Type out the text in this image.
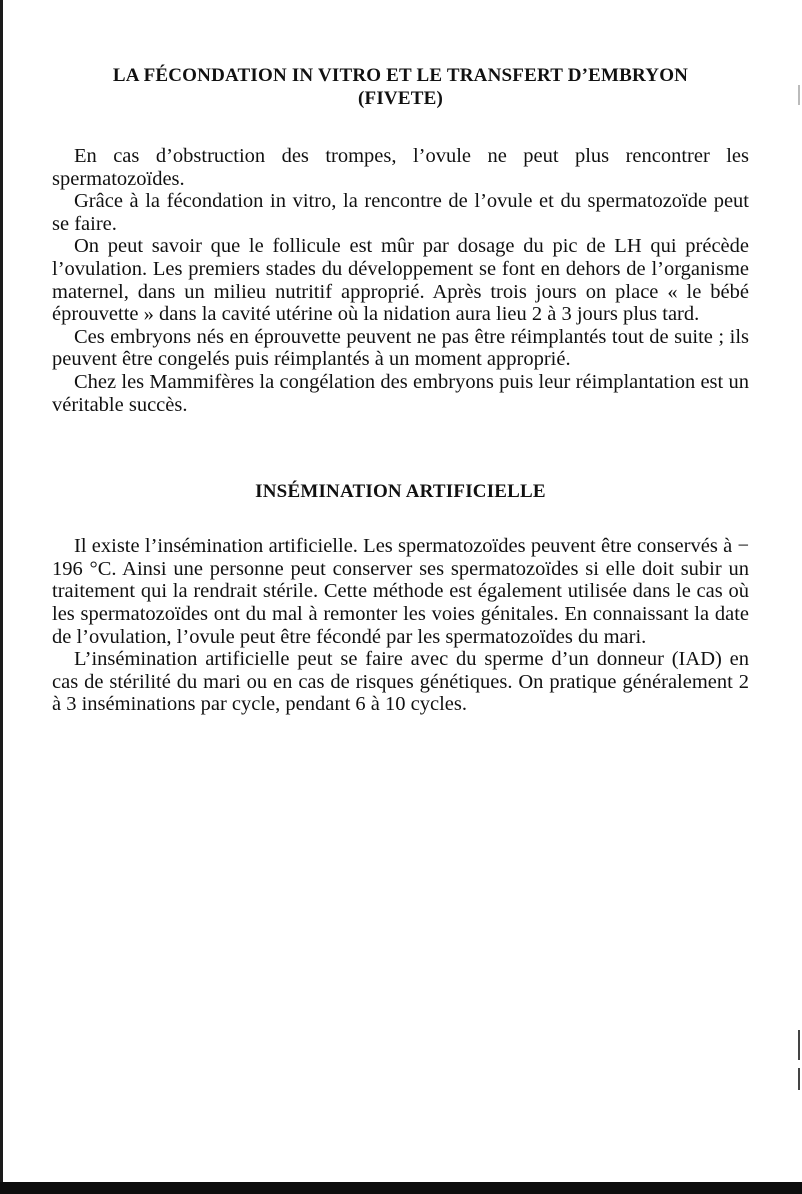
LA FÉCONDATION IN VITRO ET LE TRANSFERT D’EMBRYON
(FIVETE)

En cas d’obstruction des trompes, l’ovule ne peut plus rencontrer les spermatozoïdes.

Grâce à la fécondation in vitro, la rencontre de l’ovule et du spermatozoïde peut se faire.

On peut savoir que le follicule est mûr par dosage du pic de LH qui précède l’ovulation. Les premiers stades du développement se font en dehors de l’organisme maternel, dans un milieu nutritif approprié. Après trois jours on place « le bébé éprouvette » dans la cavité utérine où la nidation aura lieu 2 à 3 jours plus tard.

Ces embryons nés en éprouvette peuvent ne pas être réimplantés tout de suite ; ils peuvent être congelés puis réimplantés à un moment approprié.

Chez les Mammifères la congélation des embryons puis leur réimplantation est un véritable succès.

INSÉMINATION ARTIFICIELLE

Il existe l’insémination artificielle. Les spermatozoïdes peuvent être conservés à − 196 °C. Ainsi une personne peut conserver ses spermatozoïdes si elle doit subir un traitement qui la rendrait stérile. Cette méthode est également utilisée dans le cas où les spermatozoïdes ont du mal à remonter les voies génitales. En connaissant la date de l’ovulation, l’ovule peut être fécondé par les spermatozoïdes du mari.

L’insémination artificielle peut se faire avec du sperme d’un donneur (IAD) en cas de stérilité du mari ou en cas de risques génétiques. On pratique généralement 2 à 3 inséminations par cycle, pendant 6 à 10 cycles.
